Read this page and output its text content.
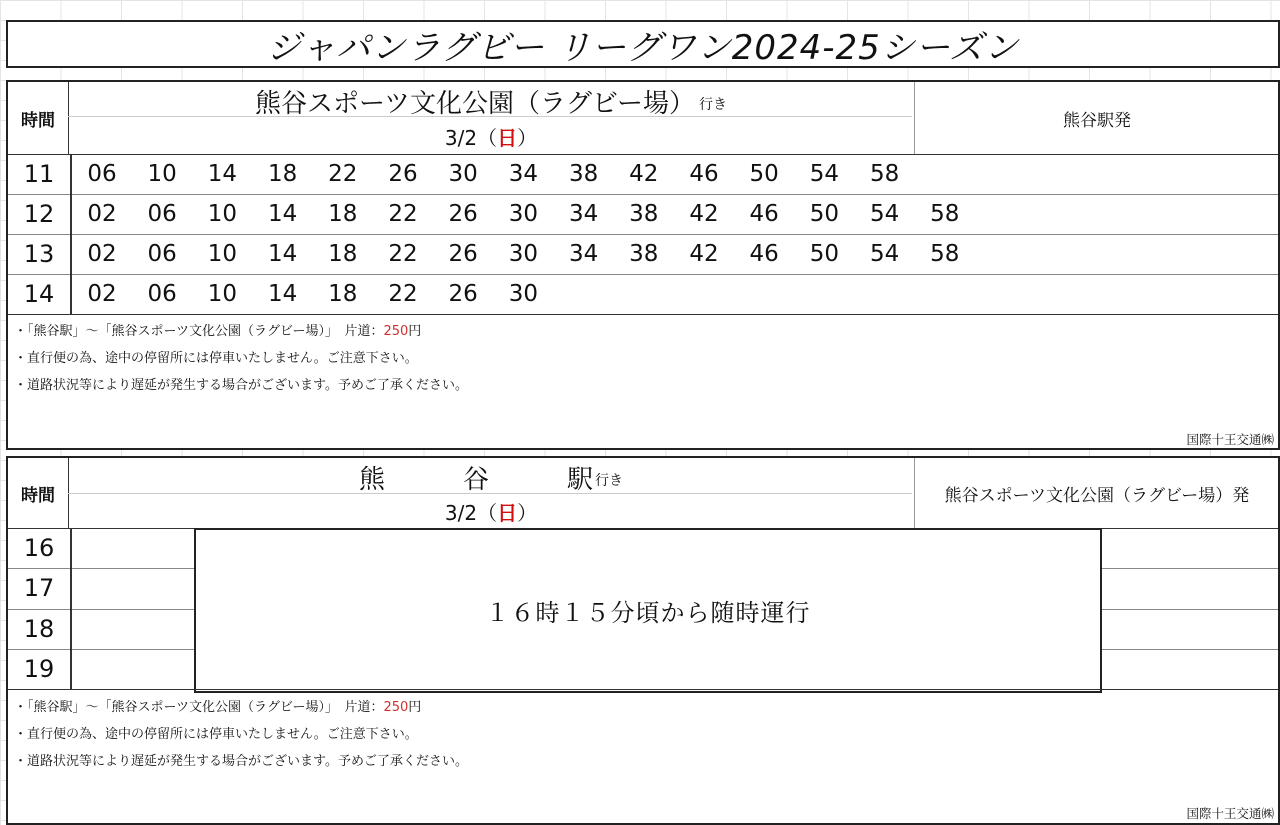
ジャパンラグビー リーグワン2024-25シーズン
時間
熊谷スポーツ文化公園（ラグビー場） 行き
3/2（ 日 ）
熊谷駅発
11	06	10	14	18	22	26	30	34	38	42	46	50	54	58
12	02	06	10	14	18	22	26	30	34	38	42	46	50	54	58
13	02	06	10	14	18	22	26	30	34	38	42	46	50	54	58
14	02	06	10	14	18	22	26	30
・「熊谷駅」～「熊谷スポーツ文化公園（ラグビー場）」　片道：250円
・直行便の為、途中の停留所には停車いたしません。ご注意下さい。
・道路状況等により遅延が発生する場合がございます。予めご了承ください。
国際十王交通㈱
時間
熊　　　谷　　　駅 行き
3/2（ 日 ）
熊谷スポーツ文化公園（ラグビー場）発
16
17
18
19
１６時１５分頃から随時運行
・「熊谷駅」～「熊谷スポーツ文化公園（ラグビー場）」　片道：250円
・直行便の為、途中の停留所には停車いたしません。ご注意下さい。
・道路状況等により遅延が発生する場合がございます。予めご了承ください。
国際十王交通㈱
